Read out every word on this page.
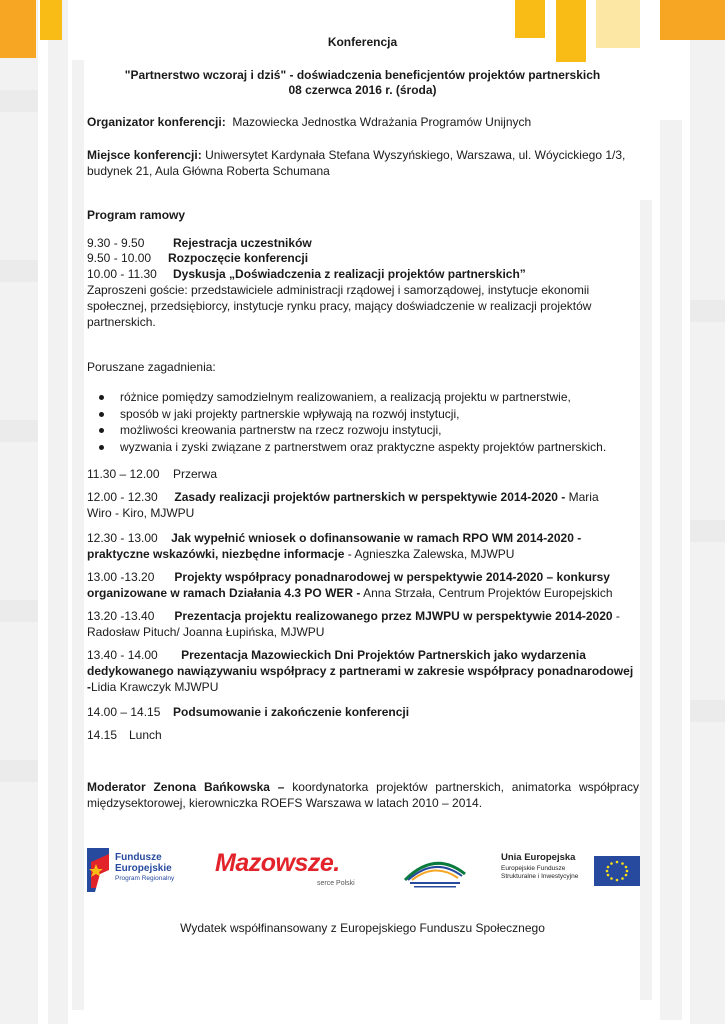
Konferencja
"Partnerstwo wczoraj i dziś" - doświadczenia beneficjentów projektów partnerskich
08 czerwca 2016 r. (środa)
Organizator konferencji: Mazowiecka Jednostka Wdrażania Programów Unijnych
Miejsce konferencji: Uniwersytet Kardynała Stefana Wyszyńskiego, Warszawa, ul. Wóycickiego 1/3,
budynek 21, Aula Główna Roberta Schumana
Program ramowy
9.30 - 9.50 Rejestracja uczestników
9.50 - 10.00 Rozpoczęcie konferencji
10.00 - 11.30 Dyskusja „Doświadczenia z realizacji projektów partnerskich”
Zaproszeni goście: przedstawiciele administracji rządowej i samorządowej, instytucje ekonomii
społecznej, przedsiębiorcy, instytucje rynku pracy, mający doświadczenie w realizacji projektów
partnerskich.
Poruszane zagadnienia:
różnice pomiędzy samodzielnym realizowaniem, a realizacją projektu w partnerstwie,
sposób w jaki projekty partnerskie wpływają na rozwój instytucji,
możliwości kreowania partnerstw na rzecz rozwoju instytucji,
wyzwania i zyski związane z partnerstwem oraz praktyczne aspekty projektów partnerskich.
11.30 – 12.00 Przerwa
12.00 - 12.30 Zasady realizacji projektów partnerskich w perspektywie 2014-2020 - Maria
Wiro - Kiro, MJWPU
12.30 - 13.00 Jak wypełnić wniosek o dofinansowanie w ramach RPO WM 2014-2020 -
praktyczne wskazówki, niezbędne informacje - Agnieszka Zalewska, MJWPU
13.00 -13.20 Projekty współpracy ponadnarodowej w perspektywie 2014-2020 – konkursy
organizowane w ramach Działania 4.3 PO WER - Anna Strzała, Centrum Projektów Europejskich
13.20 -13.40 Prezentacja projektu realizowanego przez MJWPU w perspektywie 2014-2020 -
Radosław Pituch/ Joanna Łupińska, MJWPU
13.40 - 14.00 Prezentacja Mazowieckich Dni Projektów Partnerskich jako wydarzenia
dedykowanego nawiązywaniu współpracy z partnerami w zakresie współpracy ponadnarodowej
-Lidia Krawczyk MJWPU
14.00 – 14.15 Podsumowanie i zakończenie konferencji
14.15 Lunch
Moderator Zenona Bańkowska – koordynatorka projektów partnerskich, animatorka współpracy
międzysektorowej, kierowniczka ROEFS Warszawa w latach 2010 – 2014.
Fundusze
Europejskie
Program Regionalny
Mazowsze.
serce Polski
Unia Europejska
Europejskie Fundusze
Strukturalne i Inwestycyjne
Wydatek współfinansowany z Europejskiego Funduszu Społecznego
